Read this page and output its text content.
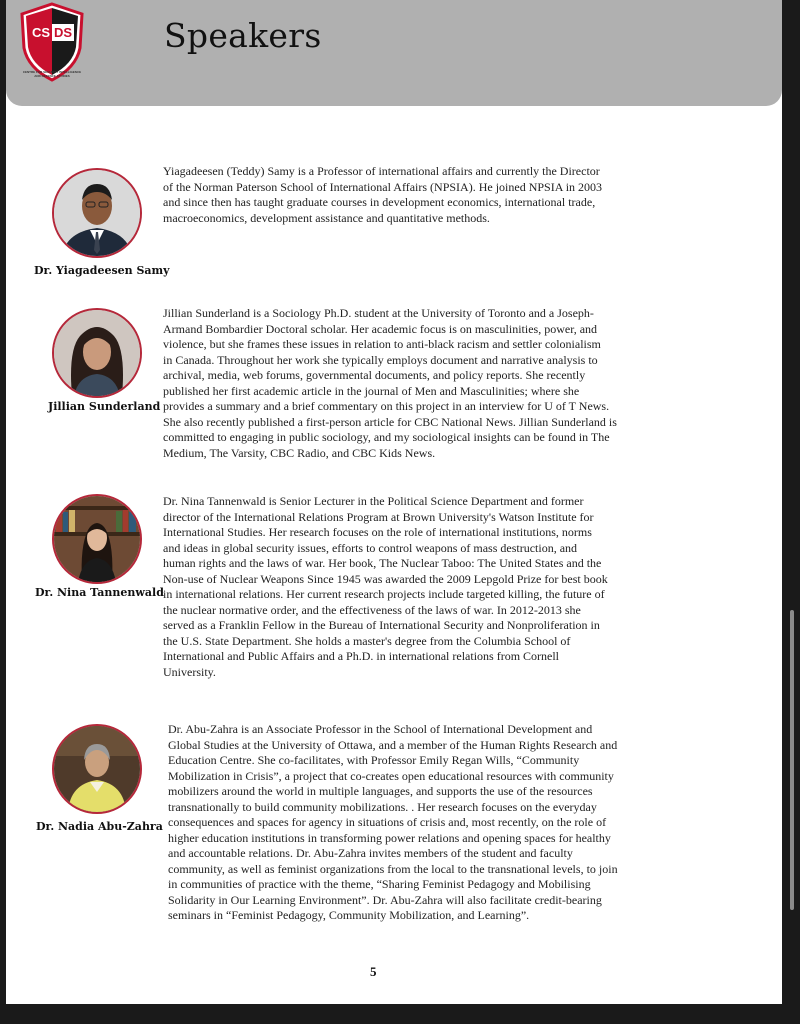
CS DS
CENTRE FOR SECURITY INTELLIGENCE AND DEFENCE STUDIES
Speakers
Dr. Yiagadeesen Samy

Yiagadeesen (Teddy) Samy is a Professor of international affairs and currently the Director
of the Norman Paterson School of International Affairs (NPSIA). He joined NPSIA in 2003
and since then has taught graduate courses in development economics, international trade,
macroeconomics, development assistance and quantitative methods.

Jillian Sunderland

Jillian Sunderland is a Sociology Ph.D. student at the University of Toronto and a Joseph-
Armand Bombardier Doctoral scholar. Her academic focus is on masculinities, power, and
violence, but she frames these issues in relation to anti-black racism and settler colonialism
in Canada. Throughout her work she typically employs document and narrative analysis to
archival, media, web forums, governmental documents, and policy reports. She recently
published her first academic article in the journal of Men and Masculinities; where she
provides a summary and a brief commentary on this project in an interview for U of T News.
She also recently published a first-person article for CBC National News. Jillian Sunderland is
committed to engaging in public sociology, and my sociological insights can be found in The
Medium, The Varsity, CBC Radio, and CBC Kids News.

Dr. Nina Tannenwald

Dr. Nina Tannenwald is Senior Lecturer in the Political Science Department and former
director of the International Relations Program at Brown University's Watson Institute for
International Studies. Her research focuses on the role of international institutions, norms
and ideas in global security issues, efforts to control weapons of mass destruction, and
human rights and the laws of war. Her book, The Nuclear Taboo: The United States and the
Non-use of Nuclear Weapons Since 1945 was awarded the 2009 Lepgold Prize for best book
in international relations. Her current research projects include targeted killing, the future of
the nuclear normative order, and the effectiveness of the laws of war. In 2012-2013 she
served as a Franklin Fellow in the Bureau of International Security and Nonproliferation in
the U.S. State Department. She holds a master's degree from the Columbia School of
International and Public Affairs and a Ph.D. in international relations from Cornell
University.

Dr. Nadia Abu-Zahra

Dr. Abu-Zahra is an Associate Professor in the School of International Development and
Global Studies at the University of Ottawa, and a member of the Human Rights Research and
Education Centre. She co-facilitates, with Professor Emily Regan Wills, “Community
Mobilization in Crisis”, a project that co-creates open educational resources with community
mobilizers around the world in multiple languages, and supports the use of the resources
transnationally to build community mobilizations. . Her research focuses on the everyday
consequences and spaces for agency in situations of crisis and, most recently, on the role of
higher education institutions in transforming power relations and opening spaces for healthy
and accountable relations. Dr. Abu-Zahra invites members of the student and faculty
community, as well as feminist organizations from the local to the transnational levels, to join
in communities of practice with the theme, “Sharing Feminist Pedagogy and Mobilising
Solidarity in Our Learning Environment”. Dr. Abu-Zahra will also facilitate credit-bearing
seminars in “Feminist Pedagogy, Community Mobilization, and Learning”.

5
